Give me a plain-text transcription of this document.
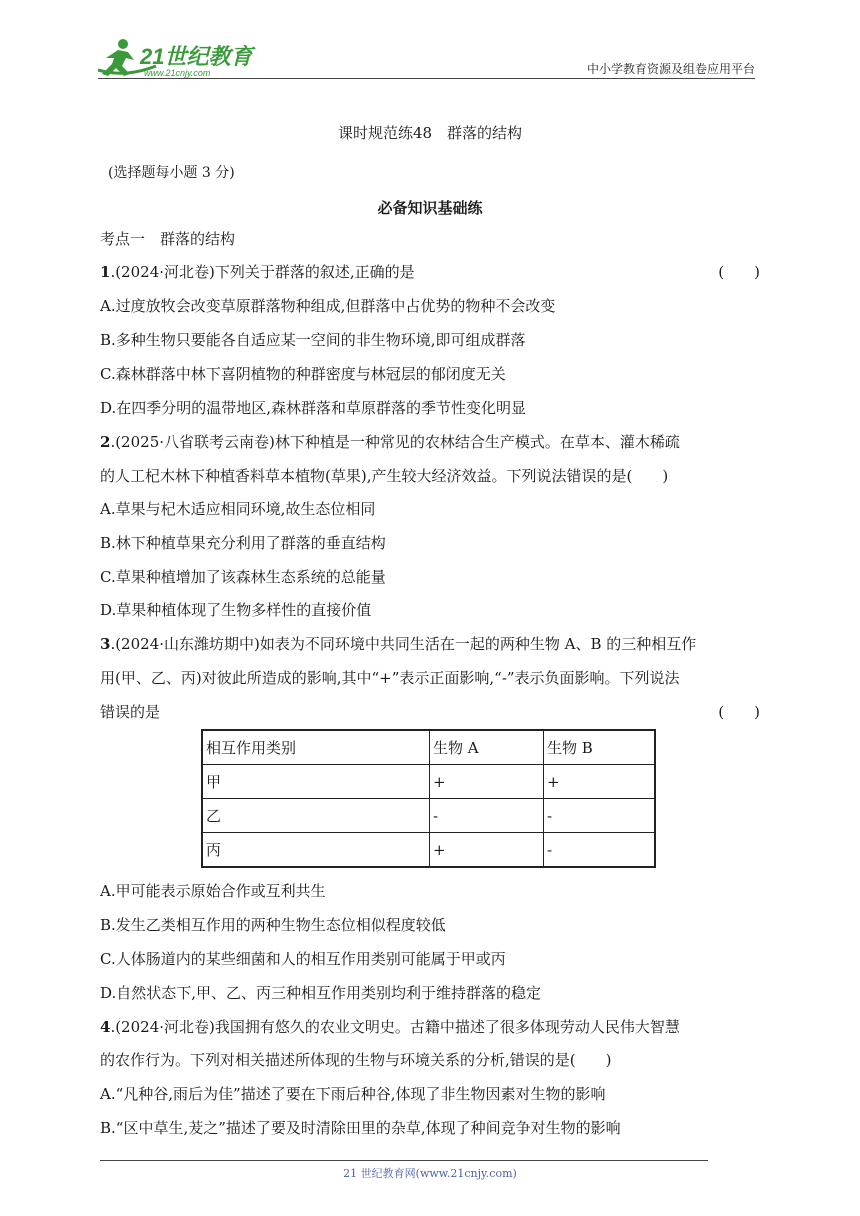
21世纪教育
www.21cnjy.com	中小学教育资源及组卷应用平台
课时规范练48　群落的结构
(选择题每小题 3 分)
必备知识基础练
考点一　群落的结构
1.(2024·河北卷)下列关于群落的叙述,正确的是	(　　)
A.过度放牧会改变草原群落物种组成,但群落中占优势的物种不会改变
B.多种生物只要能各自适应某一空间的非生物环境,即可组成群落
C.森林群落中林下喜阴植物的种群密度与林冠层的郁闭度无关
D.在四季分明的温带地区,森林群落和草原群落的季节性变化明显
2.(2025·八省联考云南卷)林下种植是一种常见的农林结合生产模式。在草本、灌木稀疏
的人工杞木林下种植香料草本植物(草果),产生较大经济效益。下列说法错误的是(　　)
A.草果与杞木适应相同环境,故生态位相同
B.林下种植草果充分利用了群落的垂直结构
C.草果种植增加了该森林生态系统的总能量
D.草果种植体现了生物多样性的直接价值
3.(2024·山东潍坊期中)如表为不同环境中共同生活在一起的两种生物 A、B 的三种相互作
用(甲、乙、丙)对彼此所造成的影响,其中“+”表示正面影响,“-”表示负面影响。下列说法
错误的是	(　　)
相互作用类别	生物 A	生物 B
甲	+	+
乙	-	-
丙	+	-
A.甲可能表示原始合作或互利共生
B.发生乙类相互作用的两种生物生态位相似程度较低
C.人体肠道内的某些细菌和人的相互作用类别可能属于甲或丙
D.自然状态下,甲、乙、丙三种相互作用类别均利于维持群落的稳定
4.(2024·河北卷)我国拥有悠久的农业文明史。古籍中描述了很多体现劳动人民伟大智慧
的农作行为。下列对相关描述所体现的生物与环境关系的分析,错误的是(　　)
A.“凡种谷,雨后为佳”描述了要在下雨后种谷,体现了非生物因素对生物的影响
B.“区中草生,茇之”描述了要及时清除田里的杂草,体现了种间竞争对生物的影响
21 世纪教育网(www.21cnjy.com)
